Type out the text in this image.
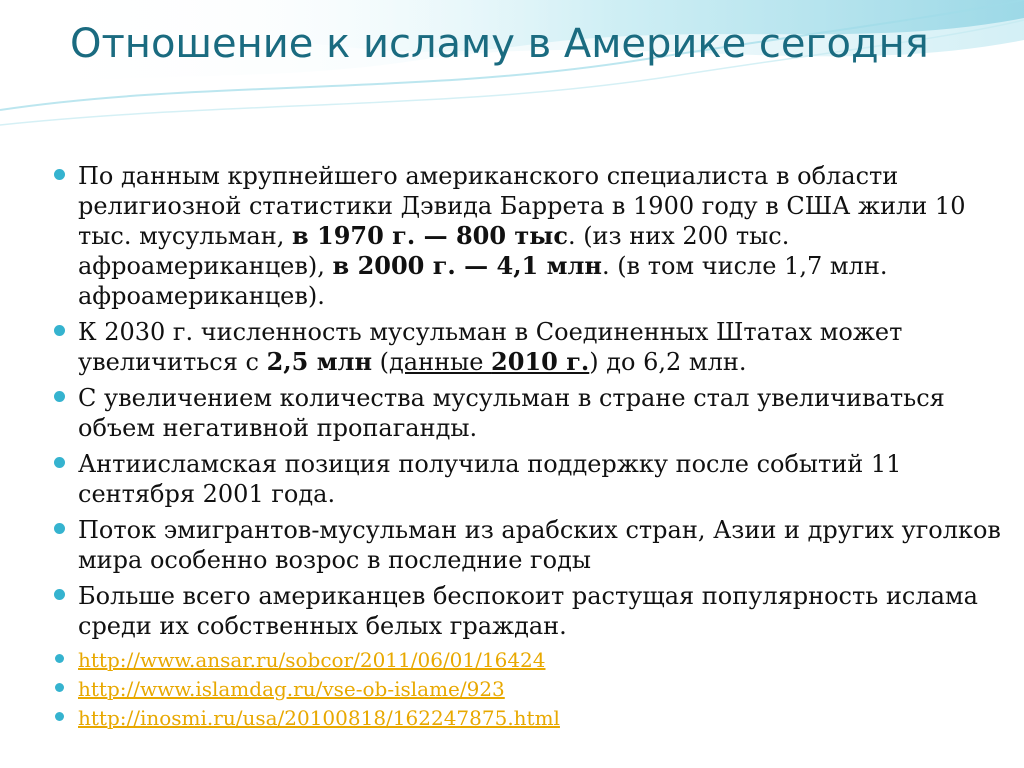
Отношение к исламу в Америке сегодня
По данным крупнейшего американского специалиста в области религиозной статистики Дэвида Баррета в 1900 году в США жили 10 тыс. мусульман, в 1970 г. — 800 тыс. (из них 200 тыс. афроамериканцев), в 2000 г. — 4,1 млн. (в том числе 1,7 млн. афроамериканцев).
К 2030 г. численность мусульман в Соединенных Штатах может увеличиться с 2,5 млн (данные 2010 г.) до 6,2 млн.
С увеличением количества мусульман в стране стал увеличиваться объем негативной пропаганды.
Антиисламская позиция получила поддержку после событий 11 сентября 2001 года.
Поток эмигрантов-мусульман из арабских стран, Азии и других уголков мира особенно возрос в последние годы
Больше всего американцев беспокоит растущая популярность ислама среди их собственных белых граждан.
http://www.ansar.ru/sobcor/2011/06/01/16424
http://www.islamdag.ru/vse-ob-islame/923
http://inosmi.ru/usa/20100818/162247875.html
